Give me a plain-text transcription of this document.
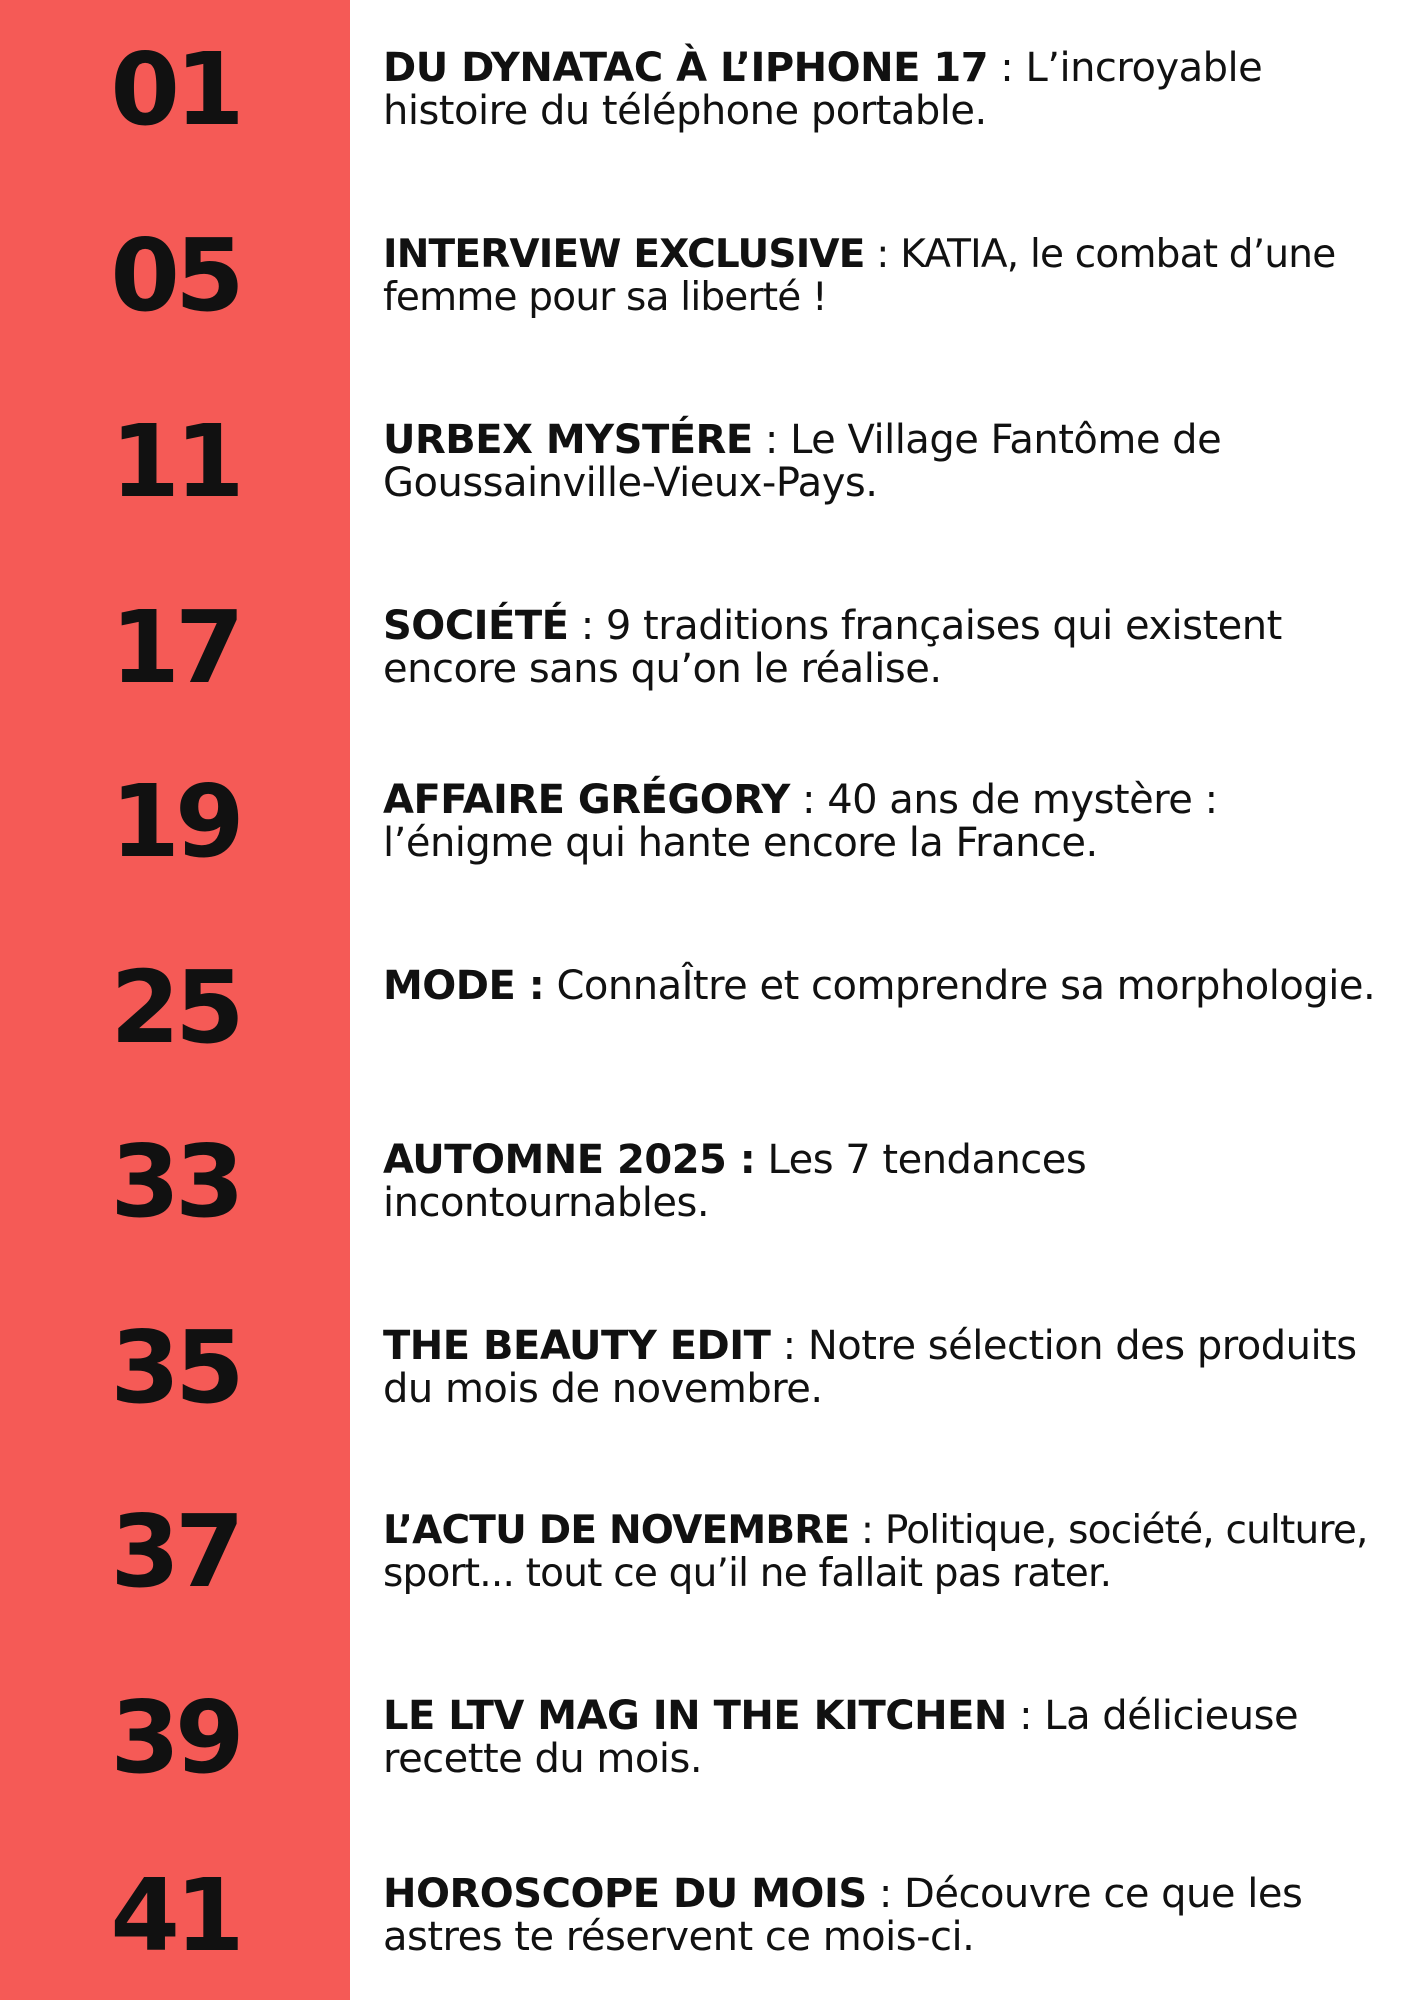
01	DU DYNATAC À L’IPHONE 17 : L’incroyable histoire du téléphone portable.
05	INTERVIEW EXCLUSIVE : KATIA, le combat d’une femme pour sa liberté !
11	URBEX MYSTÉRE : Le Village Fantôme de Goussainville-Vieux-Pays.
17	SOCIÉTÉ : 9 traditions françaises qui existent encore sans qu’on le réalise.
19	AFFAIRE GRÉGORY : 40 ans de mystère : l’énigme qui hante encore la France.
25	MODE : ConnaÎtre et comprendre sa morphologie.
33	AUTOMNE 2025 : Les 7 tendances incontournables.
35	THE BEAUTY EDIT : Notre sélection des produits du mois de novembre.
37	L’ACTU DE NOVEMBRE : Politique, société, culture, sport... tout ce qu’il ne fallait pas rater.
39	LE LTV MAG IN THE KITCHEN : La délicieuse recette du mois.
41	HOROSCOPE DU MOIS : Découvre ce que les astres te réservent ce mois-ci.
